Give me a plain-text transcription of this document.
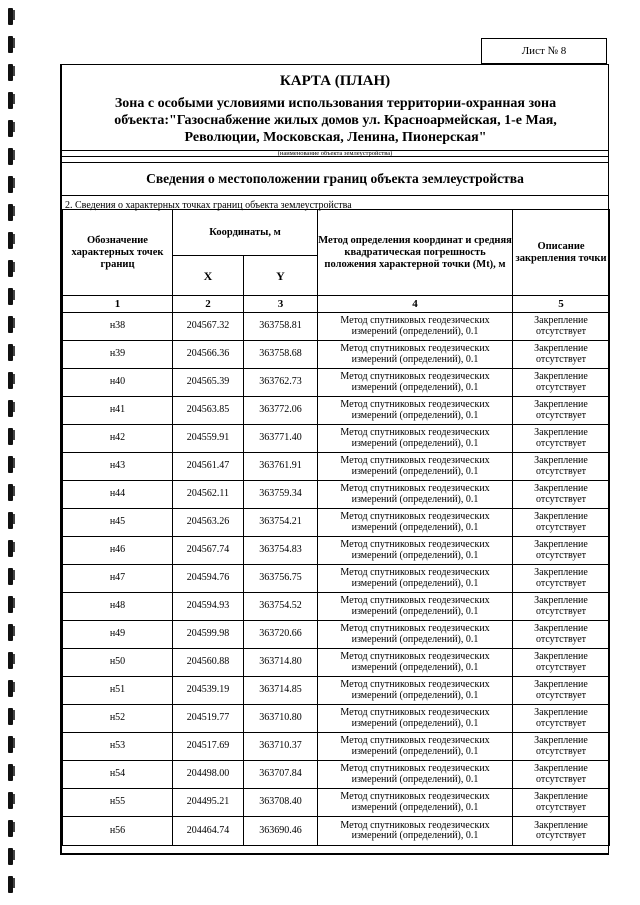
Лист № 8
КАРТА (ПЛАН)
Зона с особыми условиями использования территории-охранная зона объекта:"Газоснабжение жилых домов ул. Красноармейская, 1-е Мая, Революции, Московская, Ленина, Пионерская"
(наименование объекта землеустройства)
Сведения о местоположении границ объекта землеустройства
2. Сведения о характерных точках границ объекта землеустройства
Обозначение характерных точек границ	Координаты, м		Метод определения координат и средняя квадратическая погрешность положения характерной точки (Mt), м	Описание закрепления точки
	X	Y		
1	2	3	4	5
н38	204567.32	363758.81	Метод спутниковых геодезических измерений (определений), 0.1	Закрепление отсутствует
н39	204566.36	363758.68	Метод спутниковых геодезических измерений (определений), 0.1	Закрепление отсутствует
н40	204565.39	363762.73	Метод спутниковых геодезических измерений (определений), 0.1	Закрепление отсутствует
н41	204563.85	363772.06	Метод спутниковых геодезических измерений (определений), 0.1	Закрепление отсутствует
н42	204559.91	363771.40	Метод спутниковых геодезических измерений (определений), 0.1	Закрепление отсутствует
н43	204561.47	363761.91	Метод спутниковых геодезических измерений (определений), 0.1	Закрепление отсутствует
н44	204562.11	363759.34	Метод спутниковых геодезических измерений (определений), 0.1	Закрепление отсутствует
н45	204563.26	363754.21	Метод спутниковых геодезических измерений (определений), 0.1	Закрепление отсутствует
н46	204567.74	363754.83	Метод спутниковых геодезических измерений (определений), 0.1	Закрепление отсутствует
н47	204594.76	363756.75	Метод спутниковых геодезических измерений (определений), 0.1	Закрепление отсутствует
н48	204594.93	363754.52	Метод спутниковых геодезических измерений (определений), 0.1	Закрепление отсутствует
н49	204599.98	363720.66	Метод спутниковых геодезических измерений (определений), 0.1	Закрепление отсутствует
н50	204560.88	363714.80	Метод спутниковых геодезических измерений (определений), 0.1	Закрепление отсутствует
н51	204539.19	363714.85	Метод спутниковых геодезических измерений (определений), 0.1	Закрепление отсутствует
н52	204519.77	363710.80	Метод спутниковых геодезических измерений (определений), 0.1	Закрепление отсутствует
н53	204517.69	363710.37	Метод спутниковых геодезических измерений (определений), 0.1	Закрепление отсутствует
н54	204498.00	363707.84	Метод спутниковых геодезических измерений (определений), 0.1	Закрепление отсутствует
н55	204495.21	363708.40	Метод спутниковых геодезических измерений (определений), 0.1	Закрепление отсутствует
н56	204464.74	363690.46	Метод спутниковых геодезических измерений (определений), 0.1	Закрепление отсутствует
